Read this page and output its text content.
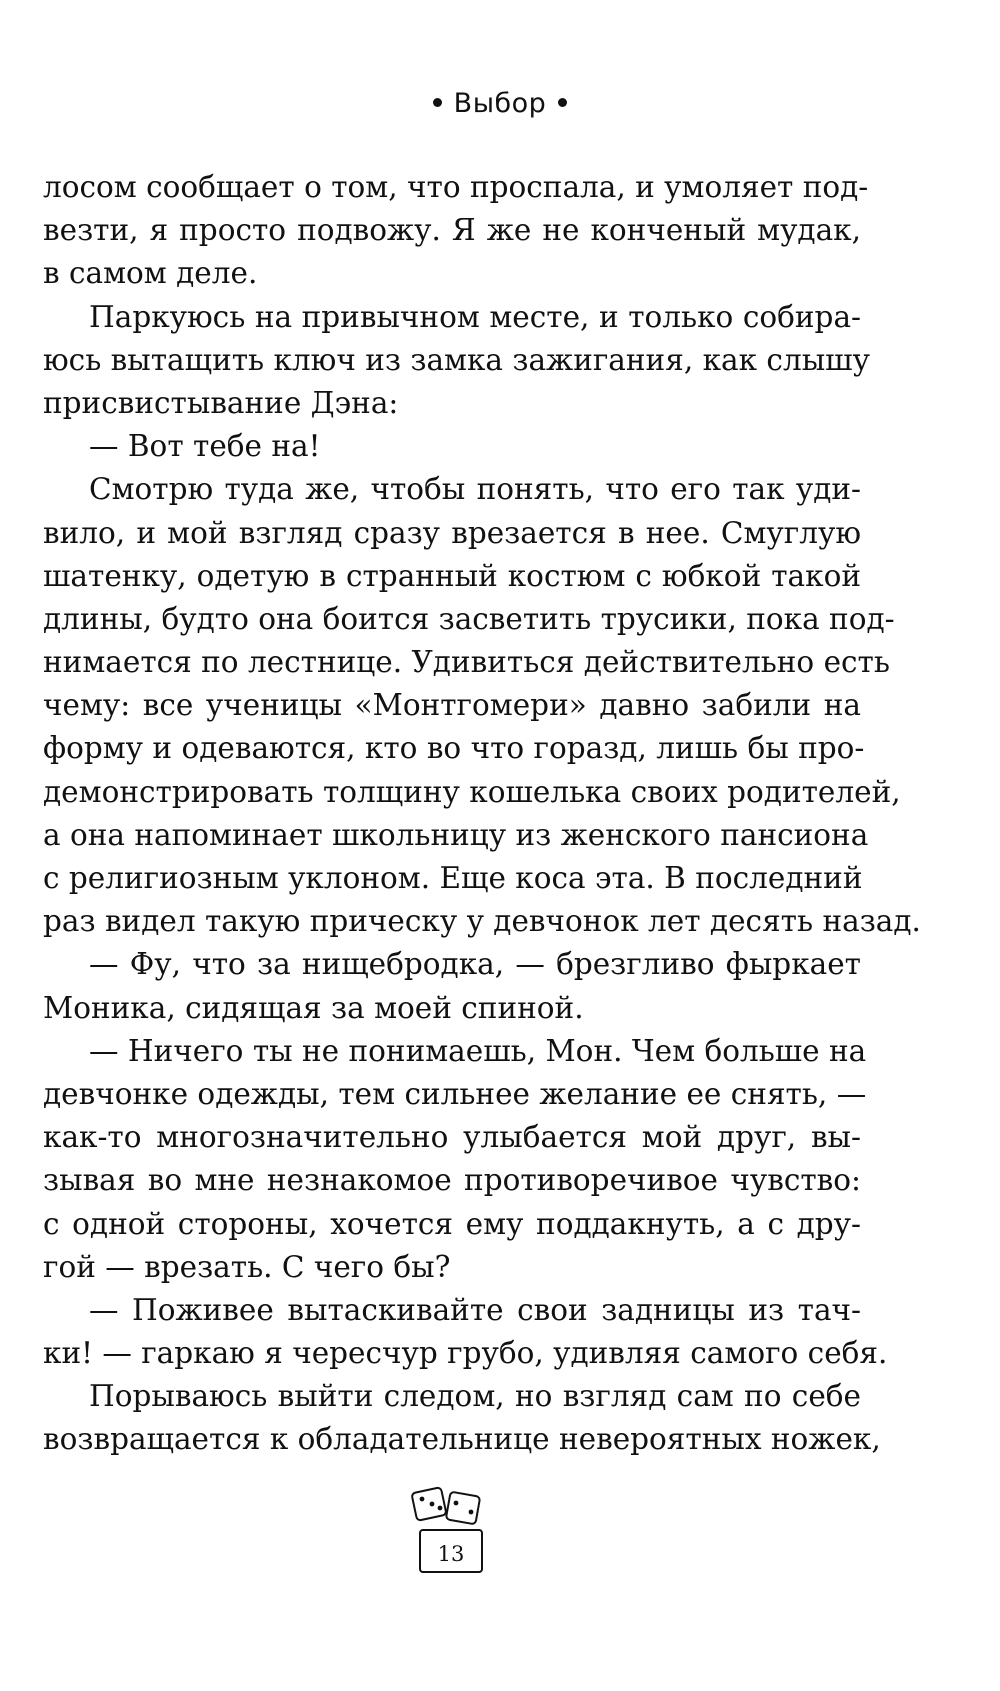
Выбор
лосом сообщает о том, что проспала, и умоляет под-
везти, я просто подвожу. Я же не конченый мудак,
в самом деле.
Паркуюсь на привычном месте, и только собира-
юсь вытащить ключ из замка зажигания, как слышу
присвистывание Дэна:
— Вот тебе на!
Смотрю туда же, чтобы понять, что его так уди-
вило, и мой взгляд сразу врезается в нее. Смуглую
шатенку, одетую в странный костюм с юбкой такой
длины, будто она боится засветить трусики, пока под-
нимается по лестнице. Удивиться действительно есть
чему: все ученицы «Монтгомери» давно забили на
форму и одеваются, кто во что горазд, лишь бы про-
демонстрировать толщину кошелька своих родителей,
а она напоминает школьницу из женского пансиона
с религиозным уклоном. Еще коса эта. В последний
раз видел такую прическу у девчонок лет десять назад.
— Фу, что за нищебродка, — брезгливо фыркает
Моника, сидящая за моей спиной.
— Ничего ты не понимаешь, Мон. Чем больше на
девчонке одежды, тем сильнее желание ее снять, —
как-то многозначительно улыбается мой друг, вы-
зывая во мне незнакомое противоречивое чувство:
с одной стороны, хочется ему поддакнуть, а с дру-
гой — врезать. С чего бы?
— Поживее вытаскивайте свои задницы из тач-
ки! — гаркаю я чересчур грубо, удивляя самого себя.
Порываюсь выйти следом, но взгляд сам по себе
возвращается к обладательнице невероятных ножек,
13
